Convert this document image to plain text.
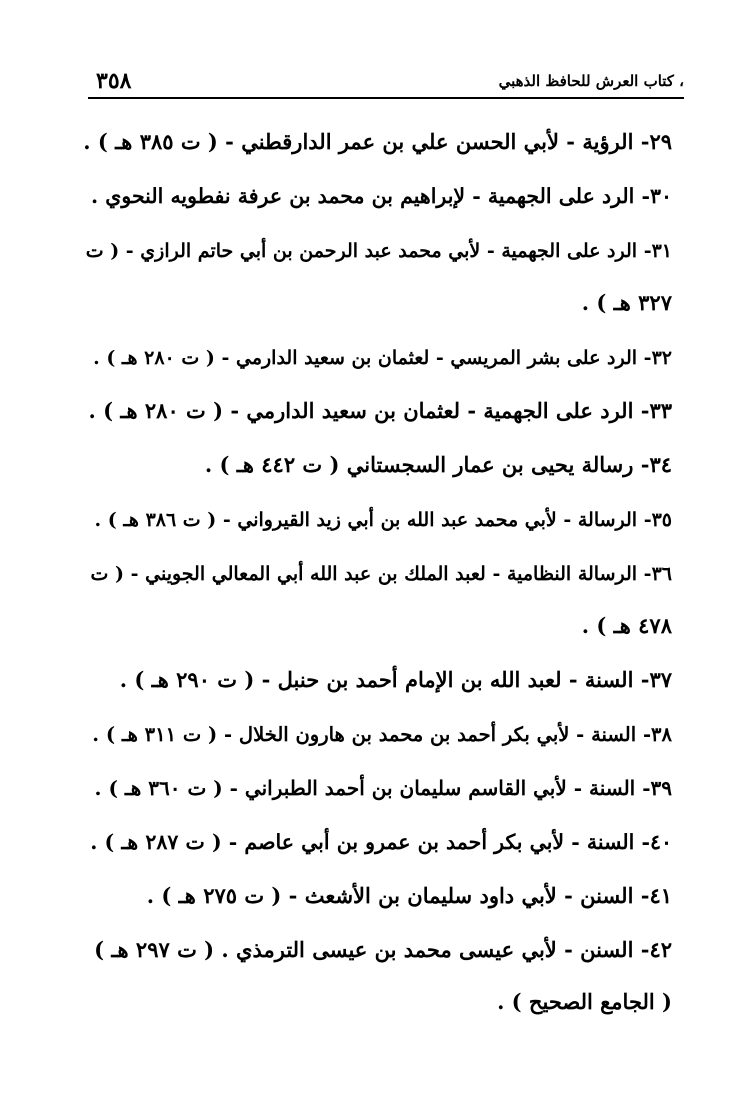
، كتاب العرش للحافظ الذهبي
٣٥٨
٢٩- الرؤية - لأبي الحسن علي بن عمر الدارقطني - ( ت ٣٨٥ هـ ) .
٣٠- الرد على الجهمية - لإبراهيم بن محمد بن عرفة نفطويه النحوي .
٣١- الرد على الجهمية - لأبي محمد عبد الرحمن بن أبي حاتم الرازي - ( ت ٣٢٧ هـ ) .
٣٢- الرد على بشر المريسي - لعثمان بن سعيد الدارمي - ( ت ٢٨٠ هـ ) .
٣٣- الرد على الجهمية - لعثمان بن سعيد الدارمي - ( ت ٢٨٠ هـ ) .
٣٤- رسالة يحيى بن عمار السجستاني ( ت ٤٤٢ هـ ) .
٣٥- الرسالة - لأبي محمد عبد الله بن أبي زيد القيرواني - ( ت ٣٨٦ هـ ) .
٣٦- الرسالة النظامية - لعبد الملك بن عبد الله أبي المعالي الجويني - ( ت ٤٧٨ هـ ) .
٣٧- السنة - لعبد الله بن الإمام أحمد بن حنبل - ( ت ٢٩٠ هـ ) .
٣٨- السنة - لأبي بكر أحمد بن محمد بن هارون الخلال - ( ت ٣١١ هـ ) .
٣٩- السنة - لأبي القاسم سليمان بن أحمد الطبراني - ( ت ٣٦٠ هـ ) .
٤٠- السنة - لأبي بكر أحمد بن عمرو بن أبي عاصم - ( ت ٢٨٧ هـ ) .
٤١- السنن - لأبي داود سليمان بن الأشعث - ( ت ٢٧٥ هـ ) .
٤٢- السنن - لأبي عيسى محمد بن عيسى الترمذي . ( ت ٢٩٧ هـ ) ( الجامع الصحيح ) .
